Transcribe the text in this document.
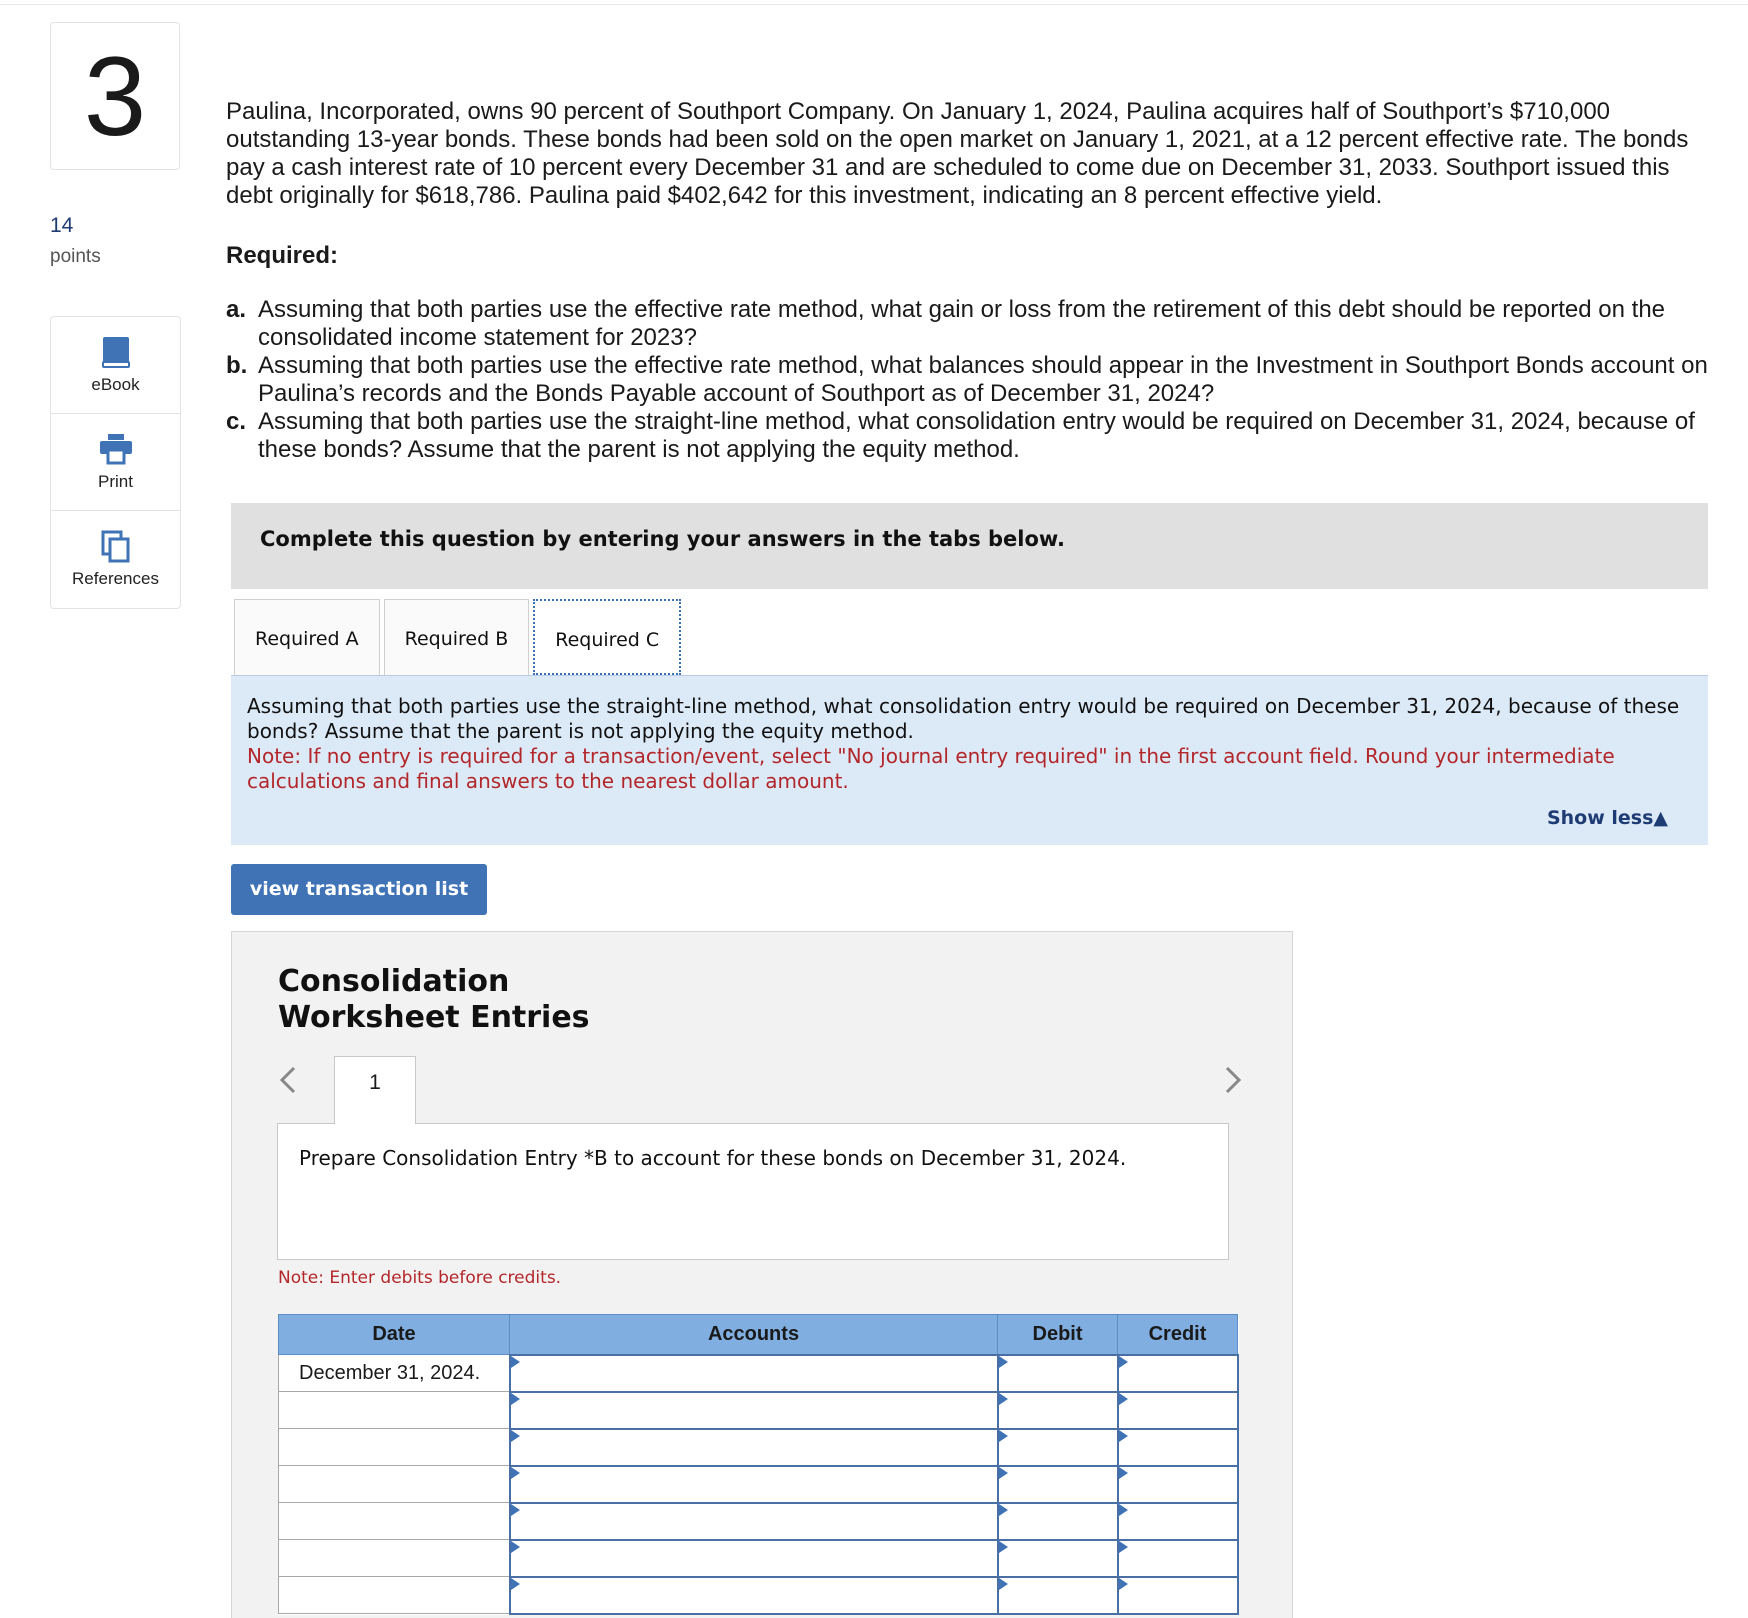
3
14
points
eBook
Print
References
Paulina, Incorporated, owns 90 percent of Southport Company. On January 1, 2024, Paulina acquires half of Southport’s $710,000 outstanding 13-year bonds. These bonds had been sold on the open market on January 1, 2021, at a 12 percent effective rate. The bonds pay a cash interest rate of 10 percent every December 31 and are scheduled to come due on December 31, 2033. Southport issued this debt originally for $618,786. Paulina paid $402,642 for this investment, indicating an 8 percent effective yield.
Required:
a. Assuming that both parties use the effective rate method, what gain or loss from the retirement of this debt should be reported on the consolidated income statement for 2023?
b. Assuming that both parties use the effective rate method, what balances should appear in the Investment in Southport Bonds account on Paulina’s records and the Bonds Payable account of Southport as of December 31, 2024?
c. Assuming that both parties use the straight-line method, what consolidation entry would be required on December 31, 2024, because of these bonds? Assume that the parent is not applying the equity method.
Complete this question by entering your answers in the tabs below.
Required A	Required B	Required C
Assuming that both parties use the straight-line method, what consolidation entry would be required on December 31, 2024, because of these bonds? Assume that the parent is not applying the equity method.
Note: If no entry is required for a transaction/event, select "No journal entry required" in the first account field. Round your intermediate calculations and final answers to the nearest dollar amount.
Show less▲
view transaction list
Consolidation
Worksheet Entries
1
Prepare Consolidation Entry *B to account for these bonds on December 31, 2024.
Note: Enter debits before credits.
Date	Accounts	Debit	Credit
December 31, 2024.			
